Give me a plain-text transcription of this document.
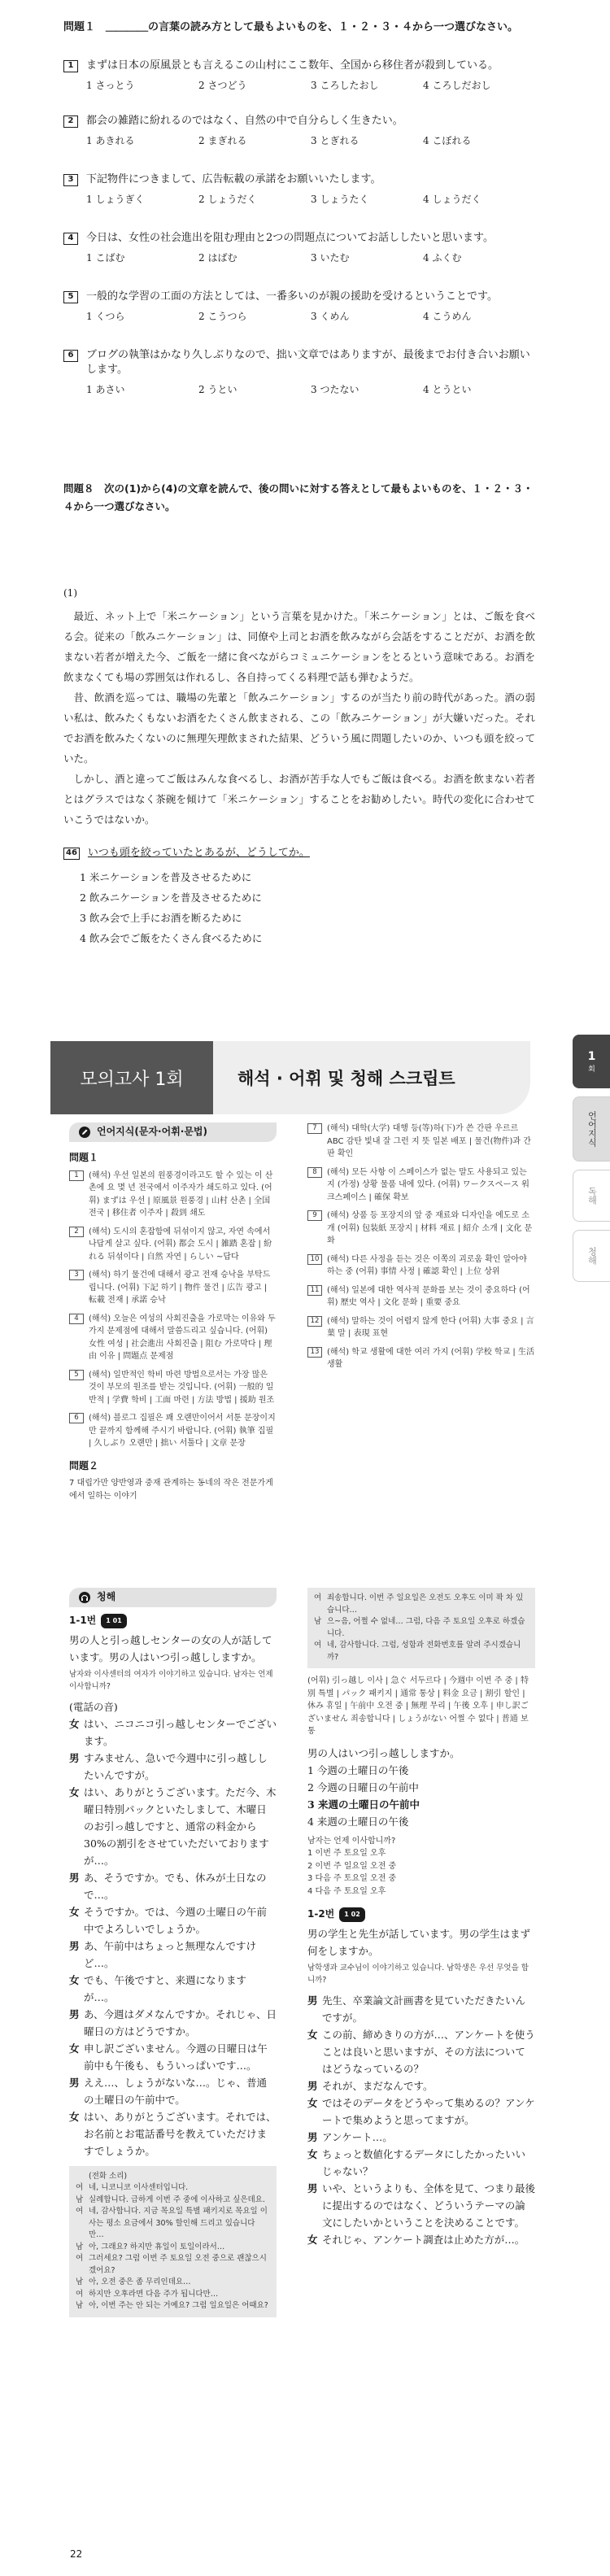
問題１　＿＿＿＿の言葉の読み方として最もよいものを、１・２・３・４から一つ選びなさい。
1	まずは日本の原風景とも言えるこの山村にここ数年、全国から移住者が殺到している。
1 さっとう	2 さつどう	3 ころしたおし	4 ころしだおし
2	都会の雑踏に紛れるのではなく、自然の中で自分らしく生きたい。
1 あきれる	2 まぎれる	3 とぎれる	4 こぼれる
3	下記物件につきまして、広告転載の承諾をお願いいたします。
1 しょうぎく	2 しょうだく	3 しょうたく	4 しょうだく
4	今日は、女性の社会進出を阻む理由と2つの問題点についてお話ししたいと思います。
1 こばむ	2 はばむ	3 いたむ	4 ふくむ
5	一般的な学習の工面の方法としては、一番多いのが親の援助を受けるということです。
1 くつら	2 こうつら	3 くめん	4 こうめん
6	ブログの執筆はかなり久しぶりなので、拙い文章ではありますが、最後までお付き合いお願いします。
1 あさい	2 うとい	3 つたない	4 とうとい
問題８　次の(1)から(4)の文章を読んで、後の問いに対する答えとして最もよいものを、１・２・３・４から一つ選びなさい。
(1)

最近、ネット上で「米ニケーション」という言葉を見かけた。「米ニケーション」とは、ご飯を食べる会。従来の「飲みニケーション」は、同僚や上司とお酒を飲みながら会話をすることだが、お酒を飲まない若者が増えた今、ご飯を一緒に食べながらコミュニケーションをとるという意味である。お酒を飲まなくても場の雰囲気は作れるし、各自持ってくる料理で話も弾むようだ。

昔、飲酒を巡っては、職場の先輩と「飲みニケーション」するのが当たり前の時代があった。酒の弱い私は、飲みたくもないお酒をたくさん飲まされる、この「飲みニケーション」が大嫌いだった。それでお酒を飲みたくないのに無理矢理飲まされた結果、どういう風に問題したいのか、いつも頭を絞っていた。

しかし、酒と違ってご飯はみんな食べるし、お酒が苦手な人でもご飯は食べる。お酒を飲まない若者とはグラスではなく茶碗を傾けて「米ニケーション」することをお勧めしたい。時代の変化に合わせていこうではないか。

46 いつも頭を絞っていたとあるが、どうしてか。
1 米ニケーションを普及させるために
2 飲みニケーションを普及させるために
3 飲み会で上手にお酒を断るために
4 飲み会でご飯をたくさん食べるために
모의고사 1회	해석 · 어휘 및 청해 스크립트
언어지식(문자·어휘·문법)
問題１
1	(해석) 우선 일본의 원풍경이라고도 할 수 있는 이 산촌에 요 몇 년 전국에서 이주자가 쇄도하고 있다. (어휘) まずは 우선 | 原風景 원풍경 | 山村 산촌 | 全国 전국 | 移住者 이주자 | 殺到 쇄도
2	(해석) 도시의 혼잡함에 뒤섞이지 않고, 자연 속에서 나답게 살고 싶다. (어휘) 都会 도시 | 雑踏 혼잡 | 紛れる 뒤섞이다 | 自然 자연 | らしい ~답다
3	(해석) 하기 물건에 대해서 광고 전재 승낙을 부탁드립니다. (어휘) 下記 하기 | 物件 물건 | 広告 광고 | 転載 전재 | 承諾 승낙
4	(해석) 오늘은 여성의 사회진출을 가로막는 이유와 두 가지 문제점에 대해서 말씀드리고 싶습니다. (어휘) 女性 여성 | 社会進出 사회진출 | 阻む 가로막다 | 理由 이유 | 問題点 문제점
5	(해석) 일반적인 학비 마련 방법으로서는 가장 많은 것이 부모의 원조를 받는 것입니다. (어휘) 一般的 일반적 | 学費 학비 | 工面 마련 | 方法 방법 | 援助 원조
6	(해석) 블로그 집필은 꽤 오랜만이어서 서툰 문장이지만 끝까지 함께해 주시기 바랍니다. (어휘) 執筆 집필 | 久しぶり 오랜만 | 拙い 서툴다 | 文章 문장
問題２
7 대립가만 양반영과 중재 관계하는 동네의 작은 전문가게에서 일하는 이야기
7	(해석) 대학(大学) 대행 등(等)하(下)가 쓴 간판 우르르 ABC 감탄 빛내 잘 그런 지 뜻 일본 배포 | 물건(物件)과 간판 확인
8	(해석) 모든 사항 이 스페이스가 없는 말도 사용되고 있는 지 (가정) 상황 물품 내에 있다. (어휘) ワークスペース 워크스페이스 | 確保 확보
9	(해석) 상품 등 포장지의 앞 중 재료와 디자인을 에도로 소개 (어휘) 包装紙 포장지 | 材料 재료 | 紹介 소개 | 文化 문화
10 (해석) 다른 사정을 듣는 것은 이쪽의 괴로움 확인 알아야 하는 중 (어휘) 事情 사정 | 確認 확인 | 上位 상위
11 (해석) 일본에 대한 역사적 문화를 보는 것이 중요하다 (어휘) 歴史 역사 | 文化 문화 | 重要 중요
12 (해석) 말하는 것이 어렵지 않게 한다 (어휘) 大事 중요 | 言葉 말 | 表現 표현
13 (해석) 학교 생활에 대한 여러 가지 (어휘) 学校 학교 | 生活 생활
청해
1-1번	1 01
男の人と引っ越しセンターの女の人が話しています。男の人はいつ引っ越ししますか。
남자와 이사센터의 여자가 이야기하고 있습니다. 남자는 언제 이사합니까?
(電話の音)
女 はい、ニコニコ引っ越しセンターでございます。
男 すみません、急いで今週中に引っ越ししたいんですが。
女 はい、ありがとうございます。ただ今、木曜日特別パックといたしまして、木曜日のお引っ越しですと、通常の料金から30%の割引をさせていただいておりますが…。
男 あ、そうですか。でも、休みが土日なので…。
女 そうですか。では、今週の土曜日の午前中でよろしいでしょうか。
男 あ、午前中はちょっと無理なんですけど…。
女 でも、午後ですと、来週になりますが…。
男 あ、今週はダメなんですか。それじゃ、日曜日の方はどうですか。
女 申し訳ございません。今週の日曜日は午前中も午後も、もういっぱいです…。
男 ええ…、しょうがないな…。じゃ、普通の土曜日の午前中で。
女 はい、ありがとうございます。それでは、お名前とお電話番号を教えていただけますでしょうか。
(전화 소리)
여 네, 니코니코 이사센터입니다.
남 실례합니다. 급하게 이번 주 중에 이사하고 싶은데요.
여 네, 감사합니다. 지금 목요일 특별 패키지로 목요일 이사는 평소 요금에서 30% 할인해 드리고 있습니다만…
남 아, 그래요? 하지만 휴일이 토일이라서…
여 그러세요? 그럼 이번 주 토요일 오전 중으로 괜찮으시겠어요?
남 아, 오전 중은 좀 무리인데요…
여 하지만 오후라면 다음 주가 됩니다만…
남 아, 이번 주는 안 되는 거예요? 그럼 일요일은 어때요?
여 죄송합니다. 이번 주 일요일은 오전도 오후도 이미 꽉 차 있습니다…
남 으~음, 어쩔 수 없네… 그럼, 다음 주 토요일 오후로 하겠습니다.
여 네, 감사합니다. 그럼, 성함과 전화번호를 알려 주시겠습니까?
(어휘) 引っ越し 이사 | 急ぐ 서두르다 | 今週中 이번 주 중 | 特別 특별 | パック 패키지 | 通常 통상 | 料金 요금 | 割引 할인 | 休み 휴일 | 午前中 오전 중 | 無理 무리 | 午後 오후 | 申し訳ございません 죄송합니다 | しょうがない 어쩔 수 없다 | 普通 보통
男の人はいつ引っ越ししますか。
1 今週の土曜日の午後
2 今週の日曜日の午前中
3 来週の土曜日の午前中
4 来週の土曜日の午後
남자는 언제 이사합니까?
1 이번 주 토요일 오후
2 이번 주 일요일 오전 중
3 다음 주 토요일 오전 중
4 다음 주 토요일 오후
1-2번	1 02
男の学生と先生が話しています。男の学生はまず何をしますか。
남학생과 교수님이 이야기하고 있습니다. 남학생은 우선 무엇을 합니까?
男 先生、卒業論文計画書を見ていただきたいんですが。
女 この前、締めきりの方が…、アンケートを使うことは良いと思いますが、その方法についてはどうなっているの？
男 それが、まだなんです。
女 ではそのデータをどうやって集めるの？アンケートで集めようと思ってますが。
男 アンケート…。
女 ちょっと数値化するデータにしたかったいいじゃない？
男 いや、というよりも、全体を見て、つまり最後に提出するのではなく、どういうテーマの論文にしたいかということを決めることです。
女 それじゃ、アンケート調査は止めた方が…。
22
1
회
언어지식
독해
청해
